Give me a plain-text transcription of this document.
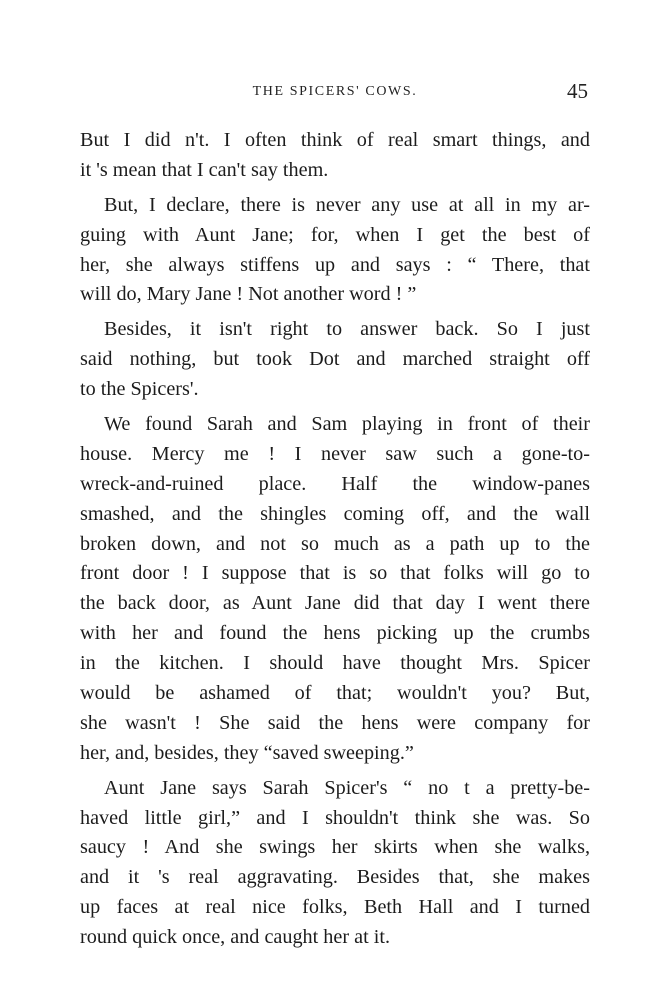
THE SPICERS' COWS.	45
But I did n't. I often think of real smart things, and
it 's mean that I can't say them.
But, I declare, there is never any use at all in my ar-
guing with Aunt Jane; for, when I get the best of
her, she always stiffens up and says : “ There, that
will do, Mary Jane ! Not another word ! ”
Besides, it isn't right to answer back. So I just
said nothing, but took Dot and marched straight off
to the Spicers'.
We found Sarah and Sam playing in front of their
house. Mercy me ! I never saw such a gone-to-
wreck-and-ruined place. Half the window-panes
smashed, and the shingles coming off, and the wall
broken down, and not so much as a path up to the
front door ! I suppose that is so that folks will go to
the back door, as Aunt Jane did that day I went there
with her and found the hens picking up the crumbs
in the kitchen. I should have thought Mrs. Spicer
would be ashamed of that; wouldn't you? But,
she wasn't ! She said the hens were company for
her, and, besides, they “saved sweeping.”
Aunt Jane says Sarah Spicer's “ no t a pretty-be-
haved little girl,” and I shouldn't think she was. So
saucy ! And she swings her skirts when she walks,
and it 's real aggravating. Besides that, she makes
up faces at real nice folks, Beth Hall and I turned
round quick once, and caught her at it.
